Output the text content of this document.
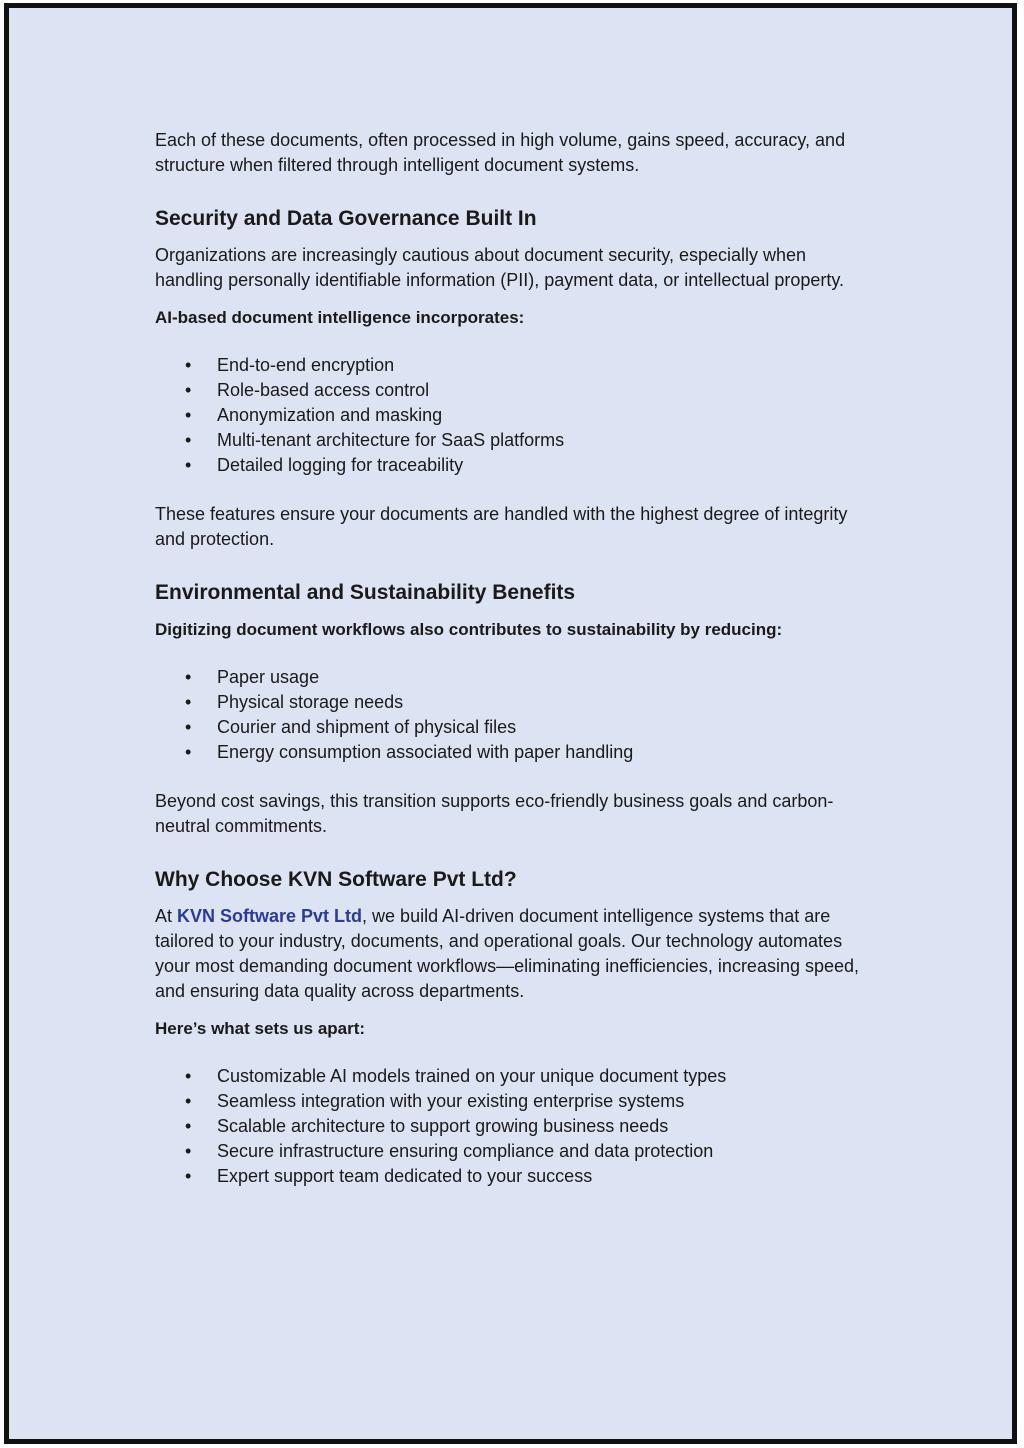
Each of these documents, often processed in high volume, gains speed, accuracy, and structure when filtered through intelligent document systems.

Security and Data Governance Built In

Organizations are increasingly cautious about document security, especially when handling personally identifiable information (PII), payment data, or intellectual property.

AI-based document intelligence incorporates:

• End-to-end encryption
• Role-based access control
• Anonymization and masking
• Multi-tenant architecture for SaaS platforms
• Detailed logging for traceability

These features ensure your documents are handled with the highest degree of integrity and protection.

Environmental and Sustainability Benefits

Digitizing document workflows also contributes to sustainability by reducing:

• Paper usage
• Physical storage needs
• Courier and shipment of physical files
• Energy consumption associated with paper handling

Beyond cost savings, this transition supports eco-friendly business goals and carbon-neutral commitments.

Why Choose KVN Software Pvt Ltd?

At KVN Software Pvt Ltd, we build AI-driven document intelligence systems that are tailored to your industry, documents, and operational goals. Our technology automates your most demanding document workflows—eliminating inefficiencies, increasing speed, and ensuring data quality across departments.

Here’s what sets us apart:

• Customizable AI models trained on your unique document types
• Seamless integration with your existing enterprise systems
• Scalable architecture to support growing business needs
• Secure infrastructure ensuring compliance and data protection
• Expert support team dedicated to your success
